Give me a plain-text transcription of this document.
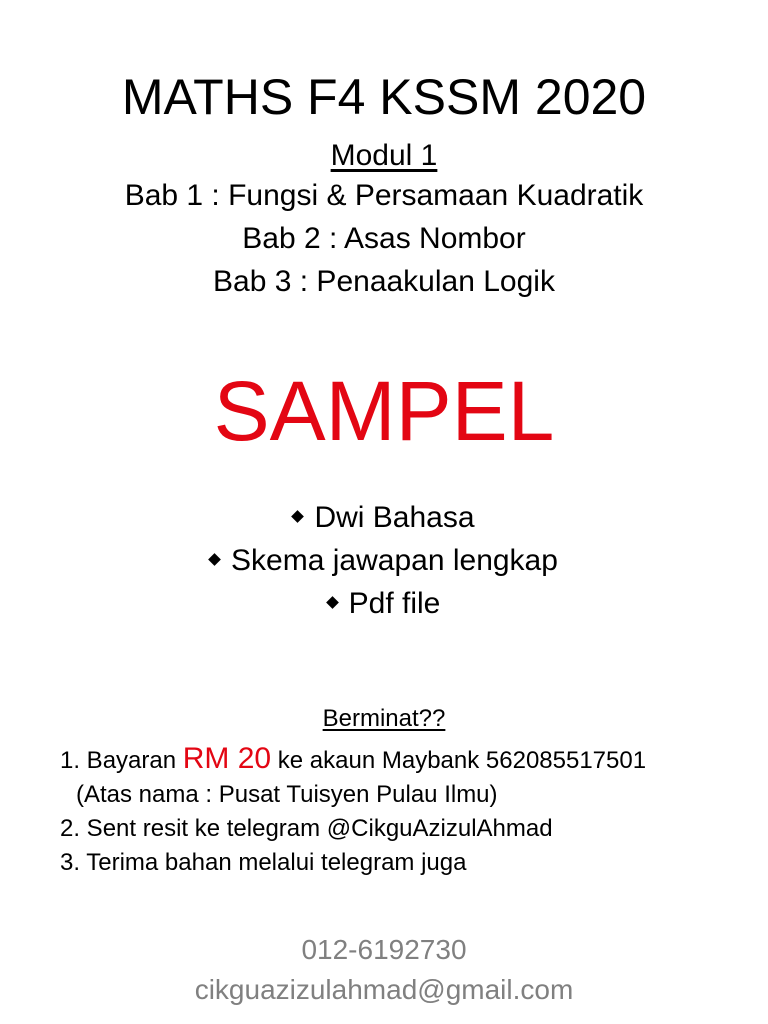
MATHS F4 KSSM 2020
Modul 1
Bab 1 : Fungsi & Persamaan Kuadratik
Bab 2 : Asas Nombor
Bab 3 : Penaakulan Logik
SAMPEL
Dwi Bahasa
Skema jawapan lengkap
Pdf file
Berminat??
1. Bayaran RM 20 ke akaun Maybank 562085517501
(Atas nama : Pusat Tuisyen Pulau Ilmu)
2. Sent resit ke telegram @CikguAzizulAhmad
3. Terima bahan melalui telegram juga
012-6192730
cikguazizulahmad@gmail.com
